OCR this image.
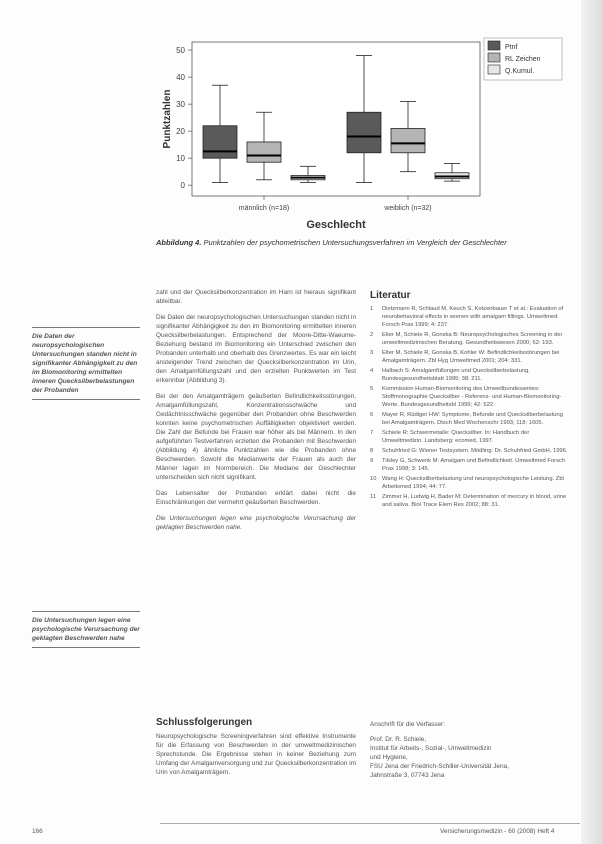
0
10
20
30
40
50
Punktzahlen
männlich (n=18)	weiblich (n=32)
Geschlecht
Ptnf
RL Zeichen
Q.Kumul.
Abbildung 4. Punktzahlen der psychometrischen Untersuchungsverfahren im Vergleich der Geschlechter

zahl und der Quecksilberkonzentration im Harn ist hieraus signifikant ableitbar.

Die Daten der neuropsychologischen Untersuchungen standen nicht in signifikanter Abhängigkeit zu den im Biomonitoring ermittelten inneren Quecksilberbelastungen. Entsprechend der Moore-Ditte-Waeume-Beziehung bestand im Biomonitoring ein Unterschied zwischen den Probanden unterhalb und oberhalb des Grenzwertes. Es war ein leicht ansteigender Trend zwischen der Quecksilberkonzentration im Urin, den Amalgamfüllungszahl und den erzielten Punktwerten im Test erkennbar (Abbildung 3).

Bei der den Amalgamträgern geäußerten Befindlichkeitsstörungen, Amalgamfüllungszahl, Konzentrationsschwäche und Gedächtnisschwäche gegenüber den Probanden ohne Beschwerden konnten keine psychometrischen Auffälligkeiten objektiviert werden. Die Zahl der Befunde bei Frauen war höher als bei Männern. In den aufgeführten Testverfahren erzielten die Probanden mit Beschwerden (Abbildung 4) ähnliche Punktzahlen wie die Probanden ohne Beschwerden. Sowohl die Medianwerte der Frauen als auch der Männer lagen im Normbereich. Die Mediane der Geschlechter unterscheiden sich nicht signifikant.

Das Lebensalter der Probanden erklärt dabei nicht die Einschränkungen der vermehrt geäußerten Beschwerden.

Die Untersuchungen legen eine psychologische Verursachung der geklagten Beschwerden nahe.

Schlussfolgerungen

Neuropsychologische Screeningverfahren sind effektive Instrumente für die Erfassung von Beschwerden in der umweltmedizinischen Sprechstunde. Die Ergebnisse stehen in keiner Beziehung zum Umfang der Amalgamversorgung und zur Quecksilberkonzentration im Urin von Amalgamträgern.

Die Daten der neuropsychologischen Untersuchungen standen nicht in signifikanter Abhängigkeit zu den im Biomonitoring ermittelten inneren Quecksilberbelastungen der Probanden
Die Untersuchungen legen eine psychologische Verursachung der geklagten Beschwerden nahe
Literatur
1	Dietzmann R, Schlaud M, Keuch S, Kotzenbauer T et al.: Evaluation of neurobehavioral effects in women with amalgam fillings. Umweltmed Forsch Prax 1999; 4: 237.
2	Elter M, Schiele R, Gonska B: Neuropsychologisches Screening in der umweltmedizinischen Beratung. Gesundheitswesen 2000; 62: 193.
3	Elter M, Schiele R, Gonska B, Kohler W: Befindlichkeitsstörungen bei Amalgamträgern. Zbl Hyg Umweltmed 2001; 204: 331.
4	Halbach S: Amalgamfüllungen und Quecksilberbelastung. Bundesgesundheitsblatt 1995; 38: 211.
5	Kommission Human-Biomonitoring des Umweltbundesamtes: Stoffmonographie Quecksilber - Referenz- und Human-Biomonitoring-Werte. Bundesgesundheitsbl 1999; 42: 522.
6	Mayer R, Rüdiger HW: Symptome, Befunde und Quecksilberbelastung bei Amalgamträgern. Dtsch Med Wochenschr 1993; 118: 1605.
7	Schiele R: Schwermetalle: Quecksilber. In: Handbuch der Umweltmedizin. Landsberg: ecomed, 1997.
8	Schuhfried G: Wiener Testsystem. Mödling: Dr. Schuhfried GmbH, 1996.
9	Tilsley G, Schwenk M: Amalgam und Befindlichkeit. Umweltmed Forsch Prax 1998; 3: 145.
10 Wang H: Quecksilberbelastung und neuropsychologische Leistung. Zbl Arbeitsmed 1994; 44: 77.
11	Zimmer H, Ludwig H, Bader M: Determination of mercury in blood, urine and saliva. Biol Trace Elem Res 2002; 88: 31.
Anschrift für die Verfasser:
Prof. Dr. R. Schiele,
Institut für Arbeits-, Sozial-, Umweltmedizin
und Hygiene,
FSU Jena der Friedrich-Schiller-Universität Jena,
Jahnstraße 3, 07743 Jena
166	Versicherungsmedizin - 60 (2008) Heft 4
